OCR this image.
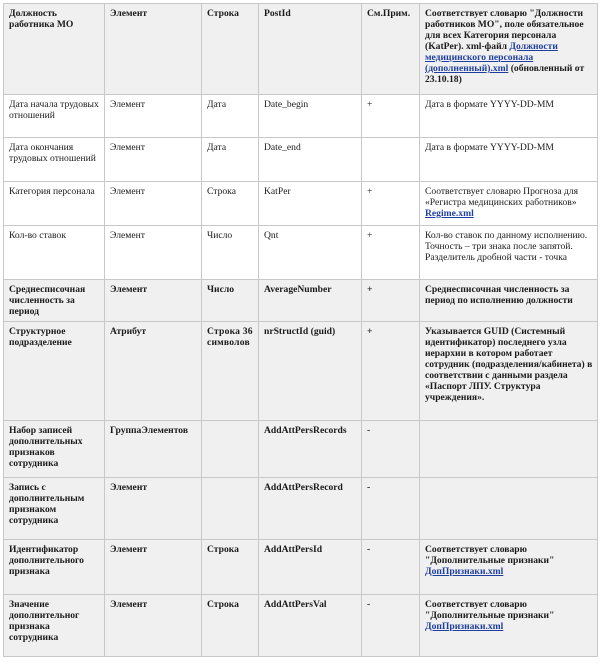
Должность работника МО	Элемент	Строка	PostId	См.Прим.	Соответствует словарю "Должности работников МО", поле обязательное для всех Категория персонала (KatPer). xml-файл Должности медицинского персонала (дополненный).xml (обновленный от 23.10.18)
Дата начала трудовых отношений	Элемент	Дата	Date_begin	+	Дата в формате YYYY-DD-MM
Дата окончания трудовых отношений	Элемент	Дата	Date_end		Дата в формате YYYY-DD-MM
Категория персонала	Элемент	Строка	KatPer	+	Соответствует словарю Прогноза для «Регистра медицинских работников» Regime.xml
Кол-во ставок	Элемент	Число	Qnt	+	Кол-во ставок по данному исполнению. Точность – три знака после запятой. Разделитель дробной части - точка
Среднесписочная численность за период	Элемент	Число	AverageNumber	+	Среднесписочная численность за период по исполнению должности
Структурное подразделение	Атрибут	Строка 36 символов	nrStructId (guid)	+	Указывается GUID (Системный идентификатор) последнего узла иерархии в котором работает сотрудник (подразделения/кабинета) в соответствии с данными раздела «Паспорт ЛПУ. Структура учреждения».
Набор записей дополнительных признаков сотрудника	ГруппаЭлементов		AddAttPersRecords	-	
Запись с дополнительным признаком сотрудника	Элемент		AddAttPersRecord	-	
Идентификатор дополнительного признака	Элемент	Строка	AddAttPersId	-	Соответствует словарю "Дополнительные признаки" ДопПризнаки.xml
Значение дополнительног признака сотрудника	Элемент	Строка	AddAttPersVal	-	Соответствует словарю "Дополнительные признаки" ДопПризнаки.xml
